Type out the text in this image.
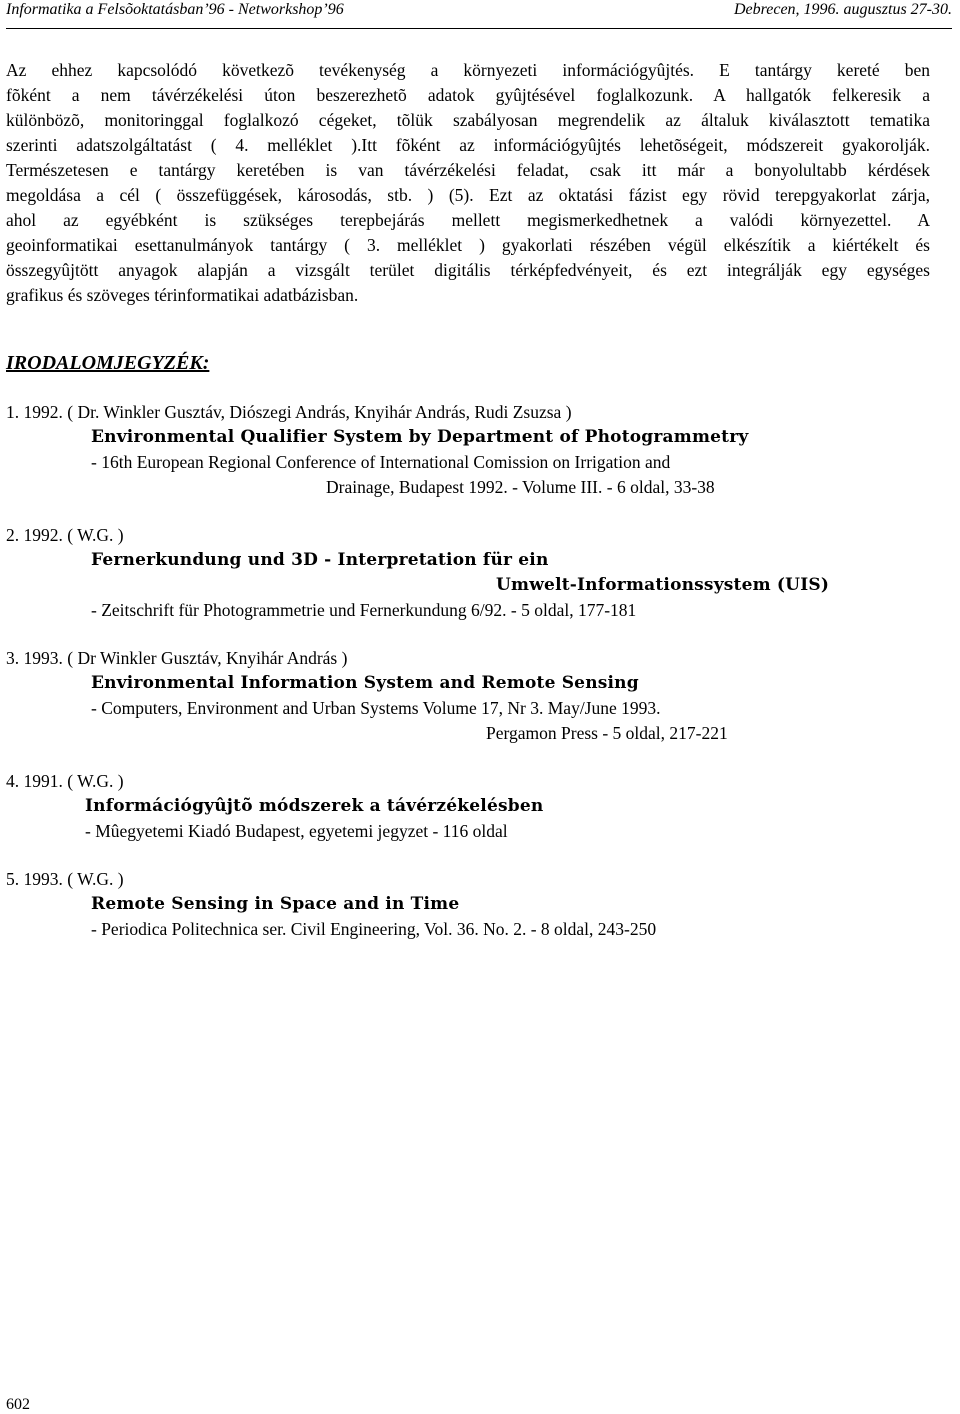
Informatika a Felsõoktatásban’96 - Networkshop’96	Debrecen, 1996. augusztus 27-30.

Az ehhez kapcsolódó következõ tevékenység a környezeti információgyûjtés. E tantárgy kereté ben
fõként a nem távérzékelési úton beszerezhetõ adatok gyûjtésével foglalkozunk. A hallgatók felkeresik a
különbözõ, monitoringgal foglalkozó cégeket, tõlük szabályosan megrendelik az általuk kiválasztott tematika
szerinti adatszolgáltatást ( 4. melléklet ).Itt fõként az információgyûjtés lehetõségeit, módszereit gyakorolják.
Természetesen e tantárgy keretében is van távérzékelési feladat, csak itt már a bonyolultabb kérdések
megoldása a cél ( összefüggések, károsodás, stb. ) (5). Ezt az oktatási fázist egy rövid terepgyakorlat zárja,
ahol az egyébként is szükséges terepbejárás mellett megismerkedhetnek a valódi környezettel. A
geoinformatikai esettanulmányok tantárgy ( 3. melléklet ) gyakorlati részében végül elkészítik a kiértékelt és
összegyûjtött anyagok alapján a vizsgált terület digitális térképfedvényeit, és ezt integrálják egy egységes
grafikus és szöveges térinformatikai adatbázisban.

IRODALOMJEGYZÉK:
1. 1992. ( Dr. Winkler Gusztáv, Diószegi András, Knyihár András, Rudi Zsuzsa )
Environmental Qualifier System by Department of Photogrammetry
- 16th European Regional Conference of International Comission on Irrigation and
Drainage, Budapest 1992. - Volume III. - 6 oldal, 33-38
2. 1992. ( W.G. )
Fernerkundung und 3D - Interpretation für ein
Umwelt-Informationssystem (UIS)
- Zeitschrift für Photogrammetrie und Fernerkundung 6/92. - 5 oldal, 177-181
3. 1993. ( Dr Winkler Gusztáv, Knyihár András )
Environmental Information System and Remote Sensing
- Computers, Environment and Urban Systems Volume 17, Nr 3. May/June 1993.
Pergamon Press - 5 oldal, 217-221
4. 1991. ( W.G. )
Információgyûjtõ módszerek a távérzékelésben
- Mûegyetemi Kiadó Budapest, egyetemi jegyzet - 116 oldal
5. 1993. ( W.G. )
Remote Sensing in Space and in Time
- Periodica Politechnica ser. Civil Engineering, Vol. 36. No. 2. - 8 oldal, 243-250
602
